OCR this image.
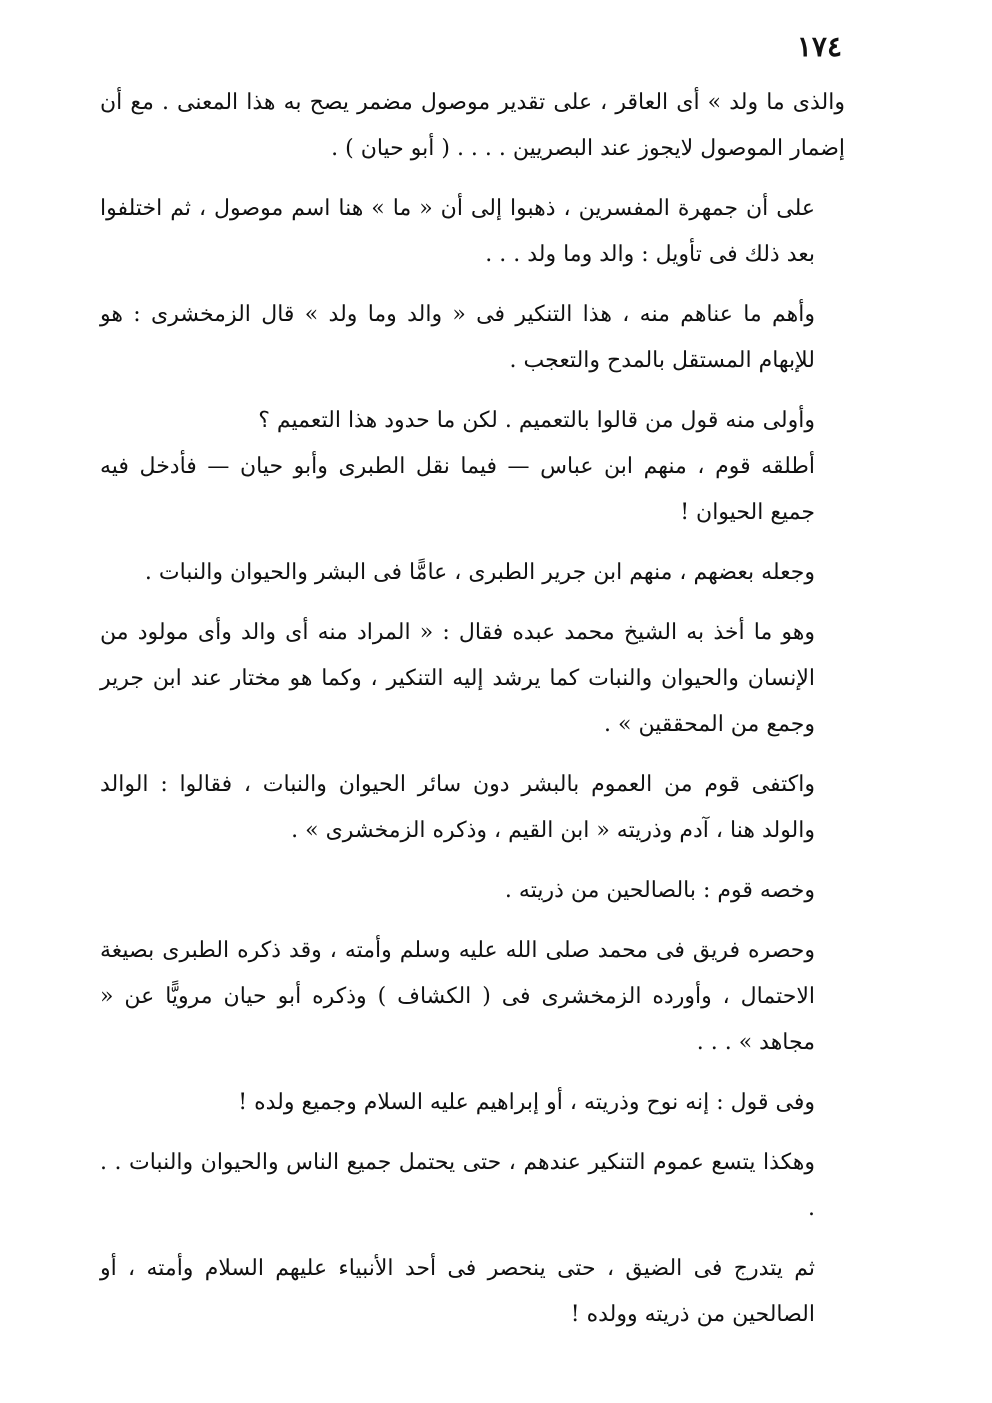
١٧٤

والذى ما ولد » أى العاقر ، على تقدير موصول مضمر يصح به هذا المعنى . مع أن إضمار الموصول لايجوز عند البصريين . . . . ( أبو حيان ) .

على أن جمهرة المفسرين ، ذهبوا إلى أن « ما » هنا اسم موصول ، ثم اختلفوا بعد ذلك فى تأويل : والد وما ولد . . .

وأهم ما عناهم منه ، هذا التنكير فى « والد وما ولد » قال الزمخشرى : هو للإبهام المستقل بالمدح والتعجب .

وأولى منه قول من قالوا بالتعميم . لكن ما حدود هذا التعميم ؟

أطلقه قوم ، منهم ابن عباس — فيما نقل الطبرى وأبو حيان — فأدخل فيه جميع الحيوان !

وجعله بعضهم ، منهم ابن جرير الطبرى ، عامًّا فى البشر والحيوان والنبات .

وهو ما أخذ به الشيخ محمد عبده فقال : « المراد منه أى والد وأى مولود من الإنسان والحيوان والنبات كما يرشد إليه التنكير ، وكما هو مختار عند ابن جرير وجمع من المحققين » .

واكتفى قوم من العموم بالبشر دون سائر الحيوان والنبات ، فقالوا : الوالد والولد هنا ، آدم وذريته « ابن القيم ، وذكره الزمخشرى » .

وخصه قوم : بالصالحين من ذريته .

وحصره فريق فى محمد صلى الله عليه وسلم وأمته ، وقد ذكره الطبرى بصيغة الاحتمال ، وأورده الزمخشرى فى ( الكشاف ) وذكره أبو حيان مرويًّا عن « مجاهد » . . .

وفى قول : إنه نوح وذريته ، أو إبراهيم عليه السلام وجميع ولده !

وهكذا يتسع عموم التنكير عندهم ، حتى يحتمل جميع الناس والحيوان والنبات . . .

ثم يتدرج فى الضيق ، حتى ينحصر فى أحد الأنبياء عليهم السلام وأمته ، أو الصالحين من ذريته وولده !
